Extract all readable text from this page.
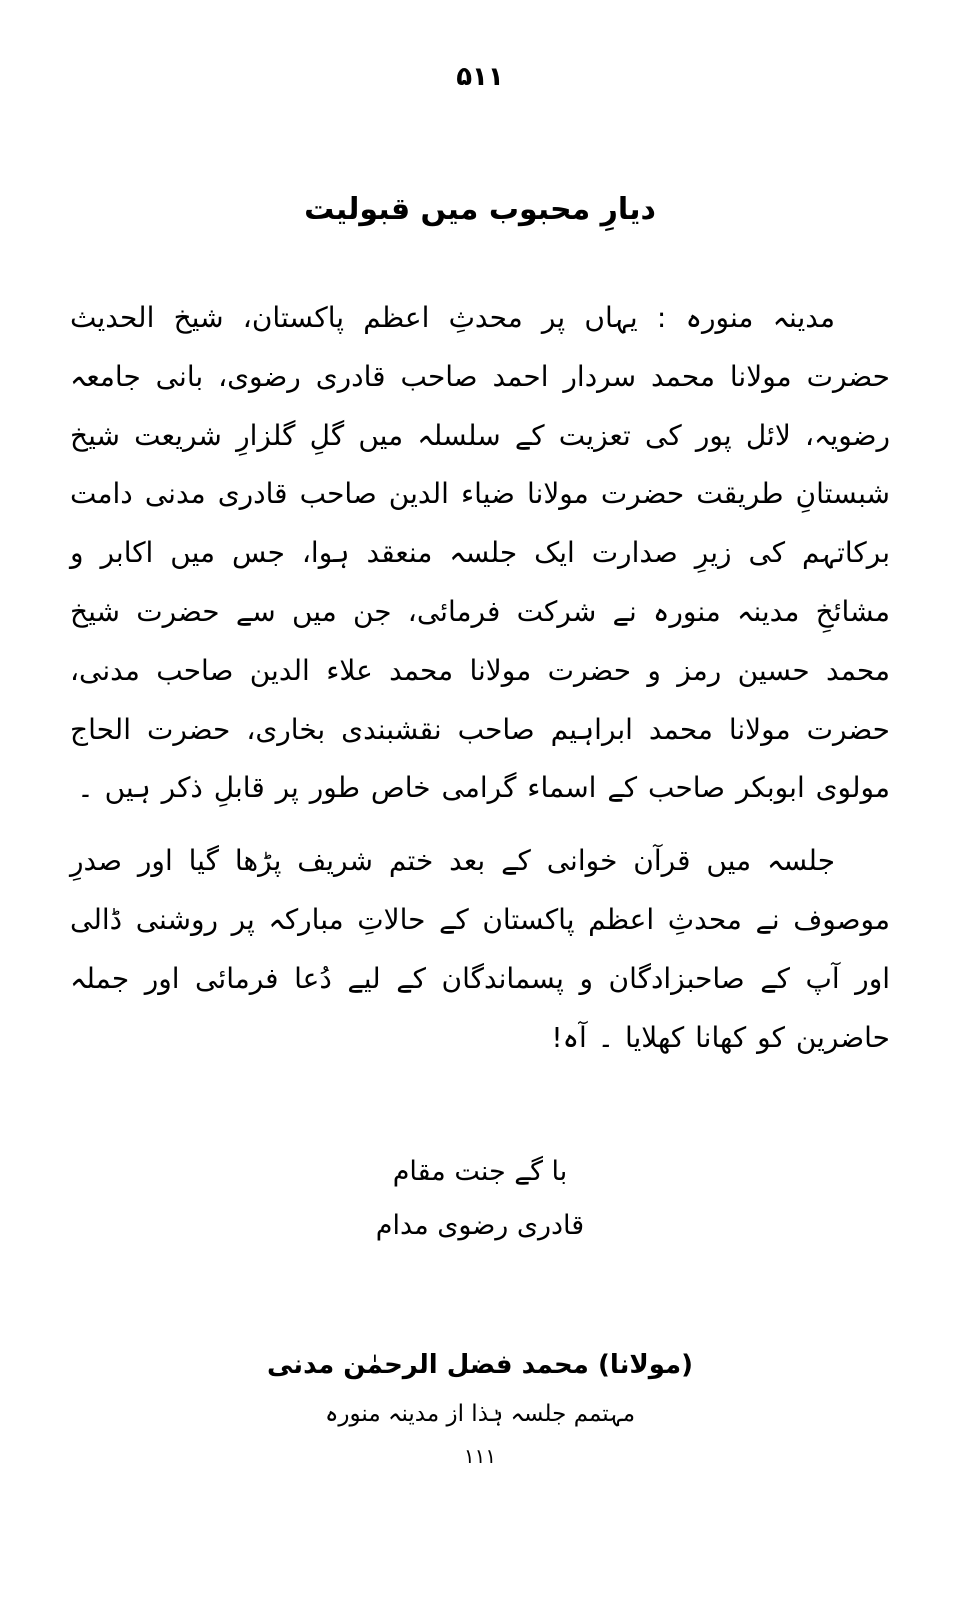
۵۱۱
دیارِ محبوب میں قبولیت

مدینہ منورہ : یہاں پر محدثِ اعظم پاکستان، شیخ الحدیث حضرت مولانا محمد سردار احمد صاحب قادری رضوی، بانی جامعہ رضویہ، لائل پور کی تعزیت کے سلسلہ میں گلِ گلزارِ شریعت شیخ شبستانِ طریقت حضرت مولانا ضیاء الدین صاحب قادری مدنی دامت برکاتہم کی زیرِ صدارت ایک جلسہ منعقد ہوا، جس میں اکابر و مشائخِ مدینہ منورہ نے شرکت فرمائی، جن میں سے حضرت شیخ محمد حسین رمز و حضرت مولانا محمد علاء الدین صاحب مدنی، حضرت مولانا محمد ابراہیم صاحب نقشبندی بخاری، حضرت الحاج مولوی ابوبکر صاحب کے اسماء گرامی خاص طور پر قابلِ ذکر ہیں ۔

جلسہ میں قرآن خوانی کے بعد ختم شریف پڑھا گیا اور صدرِ موصوف نے محدثِ اعظم پاکستان کے حالاتِ مبارکہ پر روشنی ڈالی اور آپ کے صاحبزادگان و پسماندگان کے لیے دُعا فرمائی اور جملہ حاضرین کو کھانا کھلایا ۔ آہ!

با گے جنت مقام
قادری رضوی مدام
(مولانا) محمد فضل الرحمٰن مدنی
مہتمم جلسہ ہٰذا از مدینہ منورہ
۱۱۱
